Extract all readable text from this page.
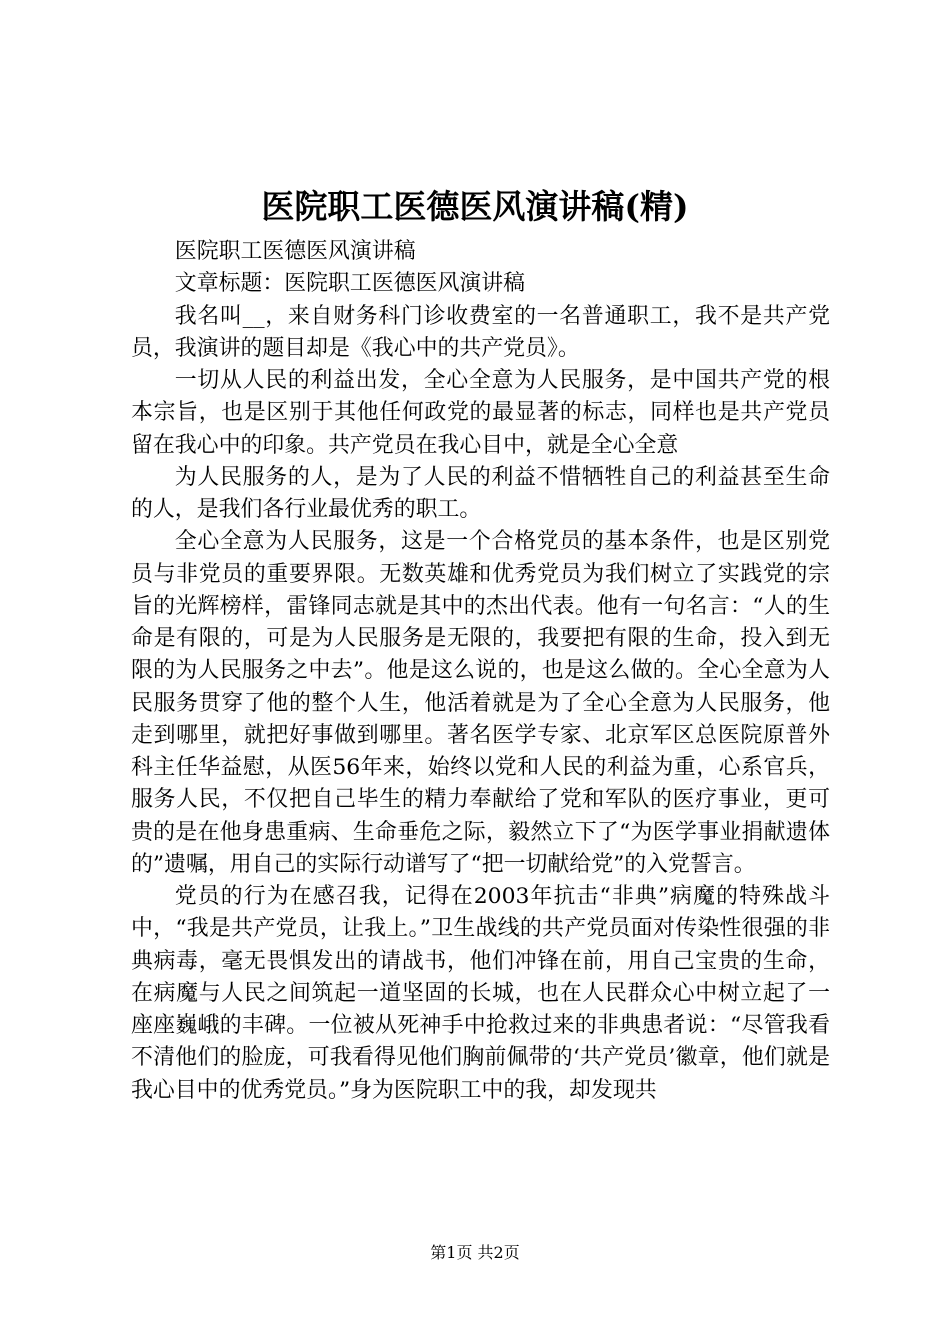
医院职工医德医风演讲稿(精)

医院职工医德医风演讲稿

文章标题：医院职工医德医风演讲稿

我名叫__，来自财务科门诊收费室的一名普通职工，我不是共产党员，我演讲的题目却是《我心中的共产党员》。

一切从人民的利益出发，全心全意为人民服务，是中国共产党的根本宗旨，也是区别于其他任何政党的最显著的标志，同样也是共产党员留在我心中的印象。共产党员在我心目中，就是全心全意

为人民服务的人，是为了人民的利益不惜牺牲自己的利益甚至生命的人，是我们各行业最优秀的职工。

全心全意为人民服务，这是一个合格党员的基本条件，也是区别党员与非党员的重要界限。无数英雄和优秀党员为我们树立了实践党的宗旨的光辉榜样，雷锋同志就是其中的杰出代表。他有一句名言：“人的生命是有限的，可是为人民服务是无限的，我要把有限的生命，投入到无限的为人民服务之中去”。他是这么说的，也是这么做的。全心全意为人民服务贯穿了他的整个人生，他活着就是为了全心全意为人民服务，他走到哪里，就把好事做到哪里。著名医学专家、北京军区总医院原普外科主任华益慰，从医56年来，始终以党和人民的利益为重，心系官兵，服务人民，不仅把自己毕生的精力奉献给了党和军队的医疗事业，更可贵的是在他身患重病、生命垂危之际，毅然立下了“为医学事业捐献遗体的”遗嘱，用自己的实际行动谱写了“把一切献给党”的入党誓言。

党员的行为在感召我，记得在2003年抗击“非典”病魔的特殊战斗中，“我是共产党员，让我上。”卫生战线的共产党员面对传染性很强的非典病毒，毫无畏惧发出的请战书，他们冲锋在前，用自己宝贵的生命，在病魔与人民之间筑起一道坚固的长城，也在人民群众心中树立起了一座座巍峨的丰碑。一位被从死神手中抢救过来的非典患者说：“尽管我看不清他们的脸庞，可我看得见他们胸前佩带的‘共产党员’徽章，他们就是我心目中的优秀党员。”身为医院职工中的我，却发现共

第1页 共2页
